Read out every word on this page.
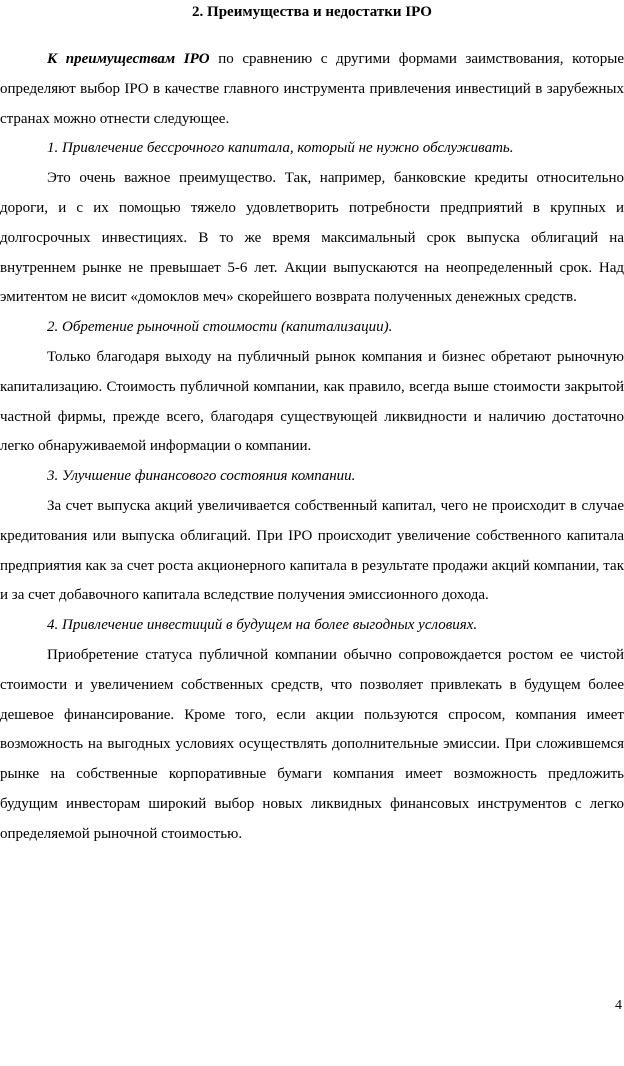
2. Преимущества и недостатки IPO

К преимуществам IPO по сравнению с другими формами заимствования, которые определяют выбор IPO в качестве главного инструмента привлечения инвестиций в зарубежных странах можно отнести следующее.

1. Привлечение бессрочного капитала, который не нужно обслуживать.

Это очень важное преимущество. Так, например, банковские кредиты относительно дороги, и с их помощью тяжело удовлетворить потребности предприятий в крупных и долгосрочных инвестициях. В то же время максимальный срок выпуска облигаций на внутреннем рынке не превышает 5-6 лет. Акции выпускаются на неопределенный срок. Над эмитентом не висит «домоклов меч» скорейшего возврата полученных денежных средств.

2. Обретение рыночной стоимости (капитализации).

Только благодаря выходу на публичный рынок компания и бизнес обретают рыночную капитализацию. Стоимость публичной компании, как правило, всегда выше стоимости закрытой частной фирмы, прежде всего, благодаря существующей ликвидности и наличию достаточно легко обнаруживаемой информации о компании.

3. Улучшение финансового состояния компании.

За счет выпуска акций увеличивается собственный капитал, чего не происходит в случае кредитования или выпуска облигаций. При IPO происходит увеличение собственного капитала предприятия как за счет роста акционерного капитала в результате продажи акций компании, так и за счет добавочного капитала вследствие получения эмиссионного дохода.

4. Привлечение инвестиций в будущем на более выгодных условиях.

Приобретение статуса публичной компании обычно сопровождается ростом ее чистой стоимости и увеличением собственных средств, что позволяет привлекать в будущем более дешевое финансирование. Кроме того, если акции пользуются спросом, компания имеет возможность на выгодных условиях осуществлять дополнительные эмиссии. При сложившемся рынке на собственные корпоративные бумаги компания имеет возможность предложить будущим инвесторам широкий выбор новых ликвидных финансовых инструментов с легко определяемой рыночной стоимостью.

4
